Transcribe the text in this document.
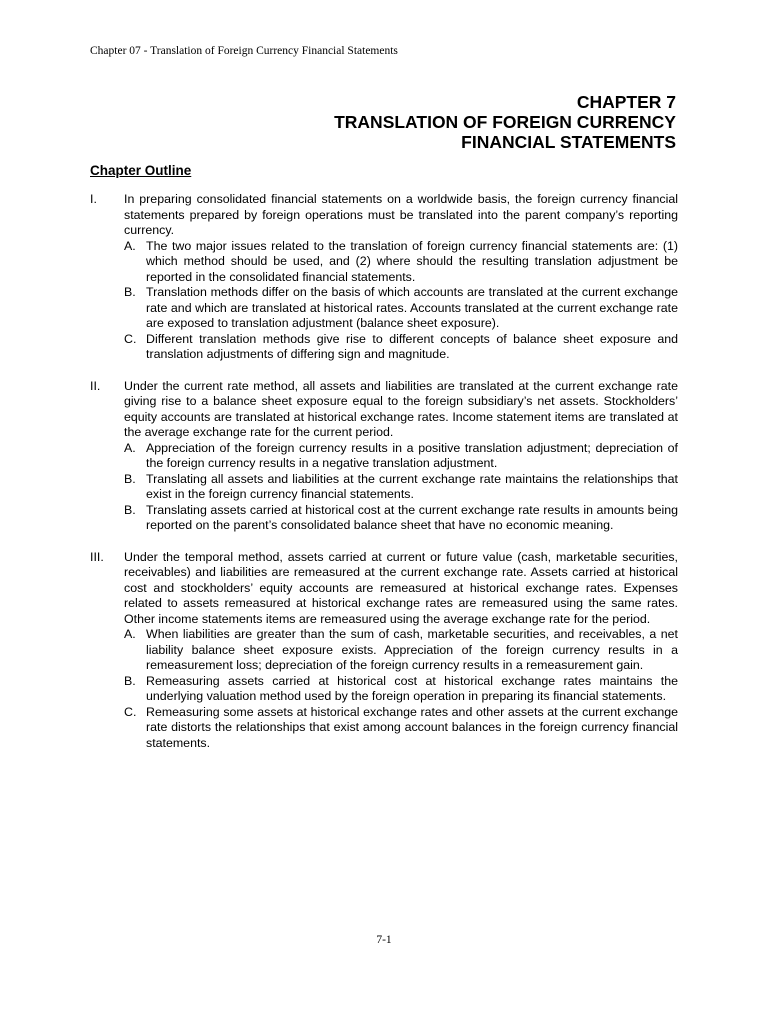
Chapter 07 - Translation of Foreign Currency Financial Statements
CHAPTER 7
TRANSLATION OF FOREIGN CURRENCY
FINANCIAL STATEMENTS
Chapter Outline
I. In preparing consolidated financial statements on a worldwide basis, the foreign currency financial statements prepared by foreign operations must be translated into the parent company’s reporting currency.
A. The two major issues related to the translation of foreign currency financial statements are: (1) which method should be used, and (2) where should the resulting translation adjustment be reported in the consolidated financial statements.
B. Translation methods differ on the basis of which accounts are translated at the current exchange rate and which are translated at historical rates. Accounts translated at the current exchange rate are exposed to translation adjustment (balance sheet exposure).
C. Different translation methods give rise to different concepts of balance sheet exposure and translation adjustments of differing sign and magnitude.
II. Under the current rate method, all assets and liabilities are translated at the current exchange rate giving rise to a balance sheet exposure equal to the foreign subsidiary’s net assets. Stockholders’ equity accounts are translated at historical exchange rates. Income statement items are translated at the average exchange rate for the current period.
A. Appreciation of the foreign currency results in a positive translation adjustment; depreciation of the foreign currency results in a negative translation adjustment.
B. Translating all assets and liabilities at the current exchange rate maintains the relationships that exist in the foreign currency financial statements.
B. Translating assets carried at historical cost at the current exchange rate results in amounts being reported on the parent’s consolidated balance sheet that have no economic meaning.
III. Under the temporal method, assets carried at current or future value (cash, marketable securities, receivables) and liabilities are remeasured at the current exchange rate. Assets carried at historical cost and stockholders’ equity accounts are remeasured at historical exchange rates. Expenses related to assets remeasured at historical exchange rates are remeasured using the same rates. Other income statements items are remeasured using the average exchange rate for the period.
A. When liabilities are greater than the sum of cash, marketable securities, and receivables, a net liability balance sheet exposure exists. Appreciation of the foreign currency results in a remeasurement loss; depreciation of the foreign currency results in a remeasurement gain.
B. Remeasuring assets carried at historical cost at historical exchange rates maintains the underlying valuation method used by the foreign operation in preparing its financial statements.
C. Remeasuring some assets at historical exchange rates and other assets at the current exchange rate distorts the relationships that exist among account balances in the foreign currency financial statements.
7-1
